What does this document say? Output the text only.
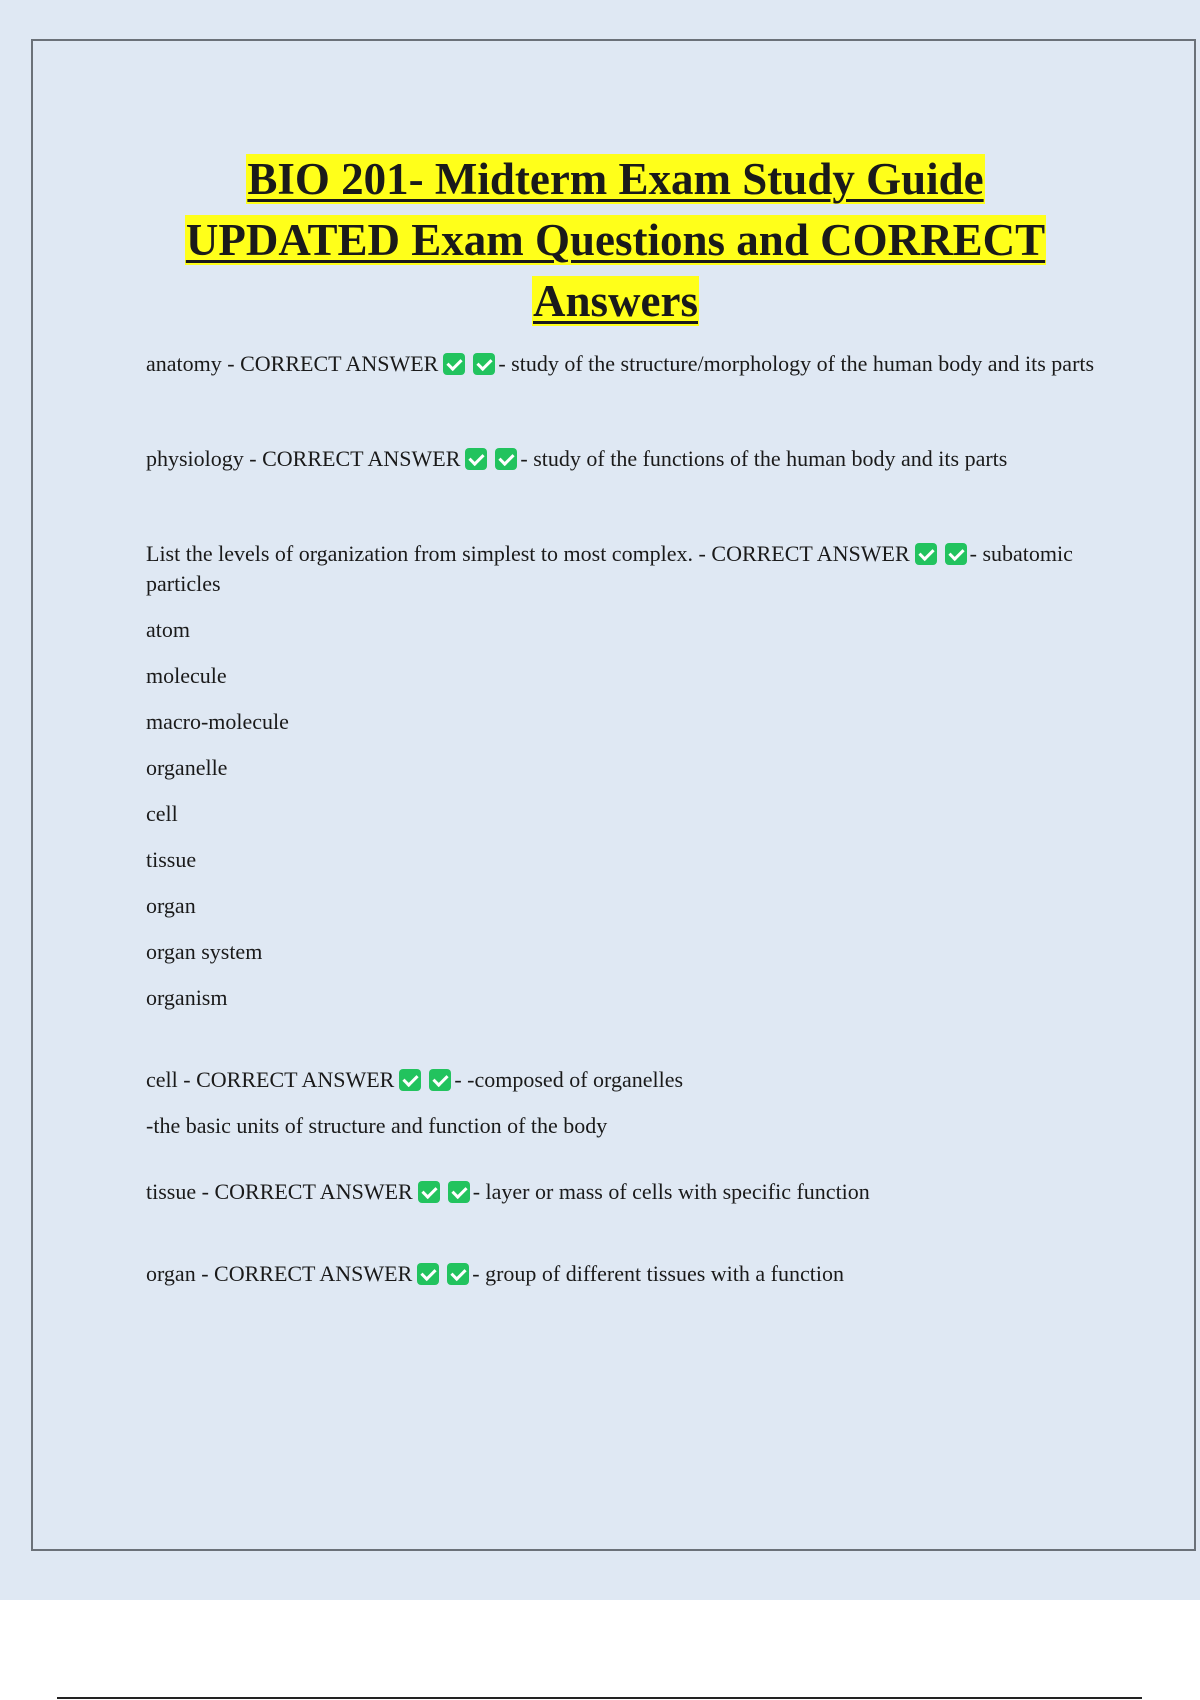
BIO 201- Midterm Exam Study Guide
UPDATED Exam Questions and CORRECT
Answers

anatomy - CORRECT ANSWER	- study of the structure/morphology of the human body and its parts

physiology - CORRECT ANSWER	- study of the functions of the human body and its parts

List the levels of organization from simplest to most complex. - CORRECT ANSWER	- subatomic particles

atom
molecule
macro-molecule
organelle
cell
tissue
organ
organ system
organism

cell - CORRECT ANSWER	- -composed of organelles

-the basic units of structure and function of the body

tissue - CORRECT ANSWER	- layer or mass of cells with specific function

organ - CORRECT ANSWER	- group of different tissues with a function
